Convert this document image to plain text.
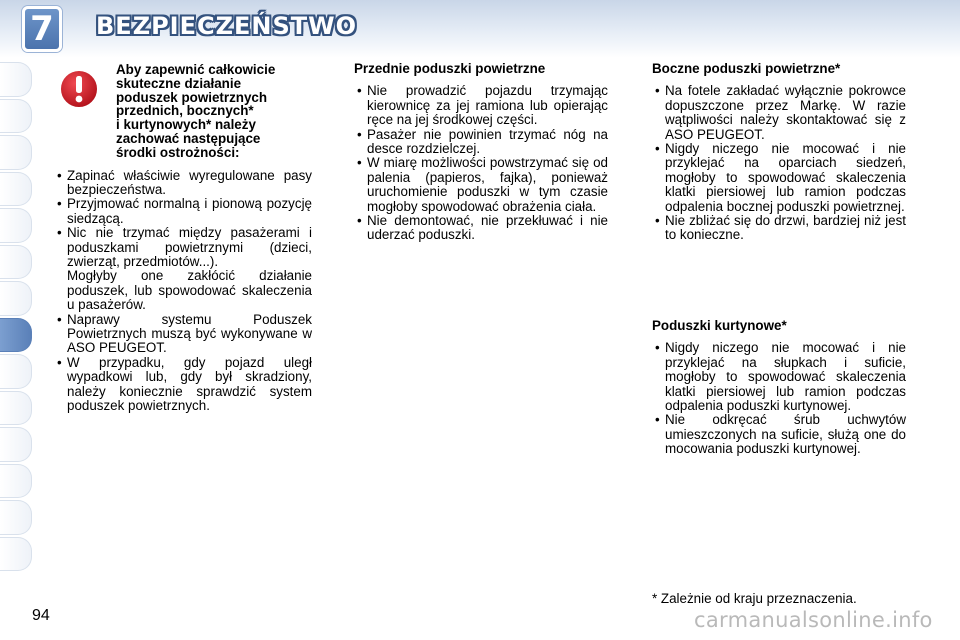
7 BEZPIECZEŃSTWO
Aby zapewnić całkowicie
skuteczne działanie
poduszek powietrznych
przednich, bocznych*
i kurtynowych* należy
zachować następujące
środki ostrożności:
• Zapinać właściwie wyregulowane pasy bezpieczeństwa.
• Przyjmować normalną i pionową pozycję siedzącą.
• Nic nie trzymać między pasażerami i poduszkami powietrznymi (dzieci, zwierząt, przedmiotów...).
Mogłyby one zakłócić działanie poduszek, lub spowodować skaleczenia u pasażerów.
• Naprawy systemu Poduszek Powietrznych muszą być wykonywane w ASO PEUGEOT.
• W przypadku, gdy pojazd uległ wypadkowi lub, gdy był skradziony, należy koniecznie sprawdzić system poduszek powietrznych.
Przednie poduszki powietrzne
• Nie prowadzić pojazdu trzymając kierownicę za jej ramiona lub opierając ręce na jej środkowej części.
• Pasażer nie powinien trzymać nóg na desce rozdzielczej.
• W miarę możliwości powstrzymać się od palenia (papieros, fajka), ponieważ uruchomienie poduszki w tym czasie mogłoby spowodować obrażenia ciała.
• Nie demontować, nie przekłuwać i nie uderzać poduszki.
Boczne poduszki powietrzne*
• Na fotele zakładać wyłącznie pokrowce dopuszczone przez Markę. W razie wątpliwości należy skontaktować się z ASO PEUGEOT.
• Nigdy niczego nie mocować i nie przyklejać na oparciach siedzeń, mogłoby to spowodować skaleczenia klatki piersiowej lub ramion podczas odpalenia bocznej poduszki powietrznej.
• Nie zbliżać się do drzwi, bardziej niż jest to konieczne.
Poduszki kurtynowe*
• Nigdy niczego nie mocować i nie przyklejać na słupkach i suficie, mogłoby to spowodować skaleczenia klatki piersiowej lub ramion podczas odpalenia poduszki kurtynowej.
• Nie odkręcać śrub uchwytów umieszczonych na suficie, służą one do mocowania poduszki kurtynowej.
* Zależnie od kraju przeznaczenia.
94	carmanualsonline.info
